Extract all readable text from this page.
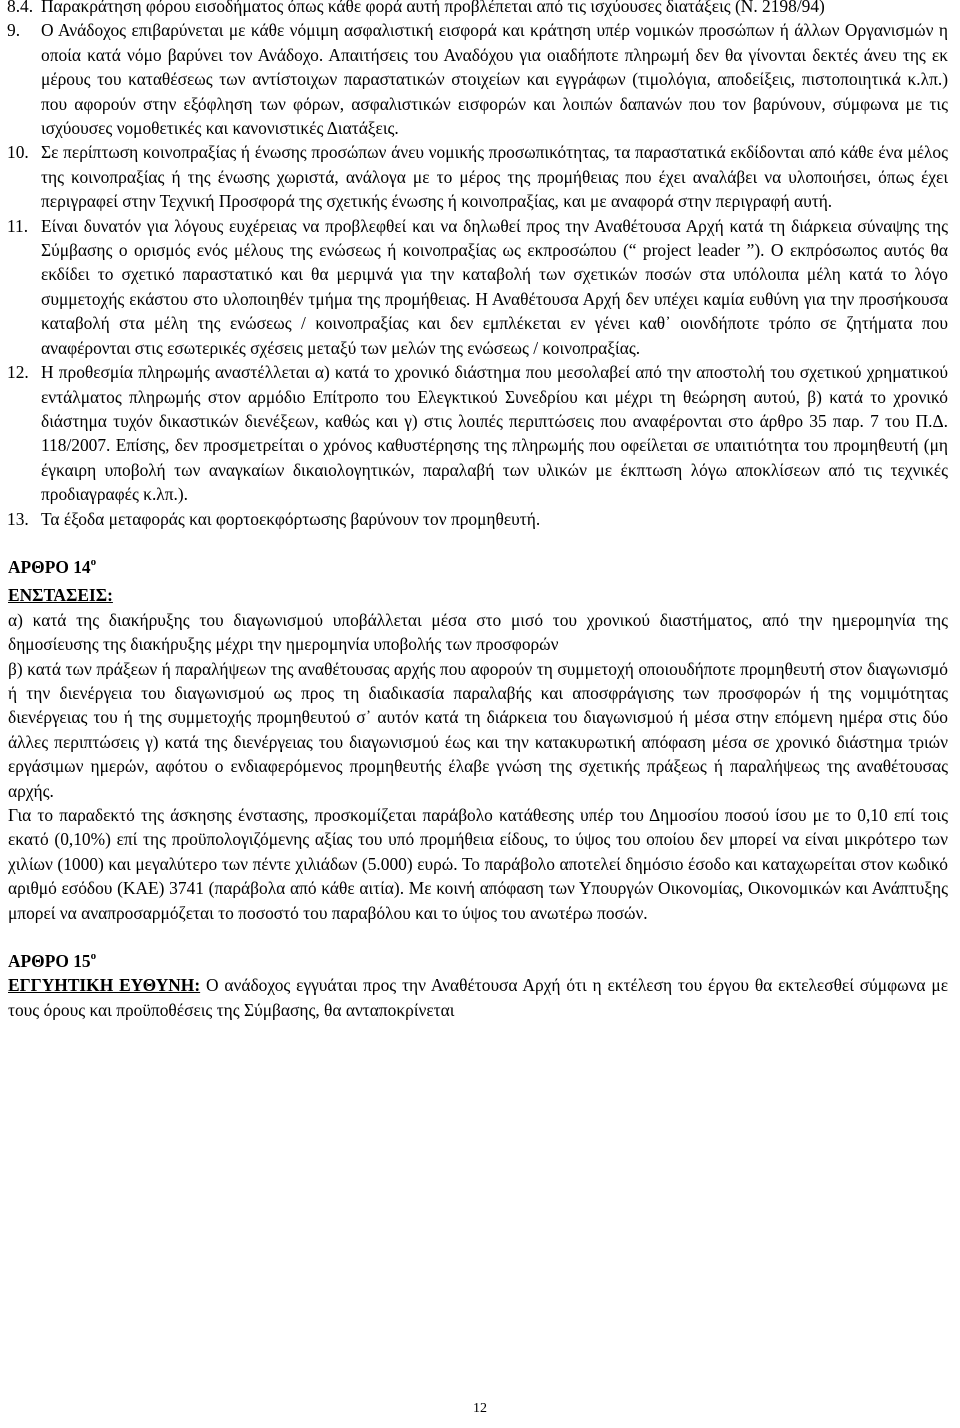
8.4. Παρακράτηση φόρου εισοδήματος όπως κάθε φορά αυτή προβλέπεται από τις ισχύουσες διατάξεις (Ν. 2198/94)
9. Ο Ανάδοχος επιβαρύνεται με κάθε νόμιμη ασφαλιστική εισφορά και κράτηση υπέρ νομικών προσώπων ή άλλων Οργανισμών η οποία κατά νόμο βαρύνει τον Ανάδοχο. Απαιτήσεις του Αναδόχου για οιαδήποτε πληρωμή δεν θα γίνονται δεκτές άνευ της εκ μέρους του καταθέσεως των αντίστοιχων παραστατικών στοιχείων και εγγράφων (τιμολόγια, αποδείξεις, πιστοποιητικά κ.λπ.) που αφορούν στην εξόφληση των φόρων, ασφαλιστικών εισφορών και λοιπών δαπανών που τον βαρύνουν, σύμφωνα με τις ισχύουσες νομοθετικές και κανονιστικές Διατάξεις.
10. Σε περίπτωση κοινοπραξίας ή ένωσης προσώπων άνευ νομικής προσωπικότητας, τα παραστατικά εκδίδονται από κάθε ένα μέλος της κοινοπραξίας ή της ένωσης χωριστά, ανάλογα με το μέρος της προμήθειας που έχει αναλάβει να υλοποιήσει, όπως έχει περιγραφεί στην Τεχνική Προσφορά της σχετικής ένωσης ή κοινοπραξίας, και με αναφορά στην περιγραφή αυτή.
11. Είναι δυνατόν για λόγους ευχέρειας να προβλεφθεί και να δηλωθεί προς την Αναθέτουσα Αρχή κατά τη διάρκεια σύναψης της Σύμβασης ο ορισμός ενός μέλους της ενώσεως ή κοινοπραξίας ως εκπροσώπου (“ project leader ”). Ο εκπρόσωπος αυτός θα εκδίδει το σχετικό παραστατικό και θα μεριμνά για την καταβολή των σχετικών ποσών στα υπόλοιπα μέλη κατά το λόγο συμμετοχής εκάστου στο υλοποιηθέν τμήμα της προμήθειας. Η Αναθέτουσα Αρχή δεν υπέχει καμία ευθύνη για την προσήκουσα καταβολή στα μέλη της ενώσεως / κοινοπραξίας και δεν εμπλέκεται εν γένει καθ᾽ οιονδήποτε τρόπο σε ζητήματα που αναφέρονται στις εσωτερικές σχέσεις μεταξύ των μελών της ενώσεως / κοινοπραξίας.
12. Η προθεσμία πληρωμής αναστέλλεται α) κατά το χρονικό διάστημα που μεσολαβεί από την αποστολή του σχετικού χρηματικού εντάλματος πληρωμής στον αρμόδιο Επίτροπο του Ελεγκτικού Συνεδρίου και μέχρι τη θεώρηση αυτού, β) κατά το χρονικό διάστημα τυχόν δικαστικών διενέξεων, καθώς και γ) στις λοιπές περιπτώσεις που αναφέρονται στο άρθρο 35 παρ. 7 του Π.Δ. 118/2007. Επίσης, δεν προσμετρείται ο χρόνος καθυστέρησης της πληρωμής που οφείλεται σε υπαιτιότητα του προμηθευτή (μη έγκαιρη υποβολή των αναγκαίων δικαιολογητικών, παραλαβή των υλικών με έκπτωση λόγω αποκλίσεων από τις τεχνικές προδιαγραφές κ.λπ.).
13. Τα έξοδα μεταφοράς και φορτοεκφόρτωσης βαρύνουν τον προμηθευτή.
ΑΡΘΡΟ $14^o$
ΕΝΣΤΑΣΕΙΣ:
α) κατά της διακήρυξης του διαγωνισμού υποβάλλεται μέσα στο μισό του χρονικού διαστήματος, από την ημερομηνία της δημοσίευσης της διακήρυξης μέχρι την ημερομηνία υποβολής των προσφορών
β) κατά των πράξεων ή παραλήψεων της αναθέτουσας αρχής που αφορούν τη συμμετοχή οποιουδήποτε προμηθευτή στον διαγωνισμό ή την διενέργεια του διαγωνισμού ως προς τη διαδικασία παραλαβής και αποσφράγισης των προσφορών ή της νομιμότητας διενέργειας του ή της συμμετοχής προμηθευτού σ᾽ αυτόν κατά τη διάρκεια του διαγωνισμού ή μέσα στην επόμενη ημέρα στις δύο άλλες περιπτώσεις γ) κατά της διενέργειας του διαγωνισμού έως και την κατακυρωτική απόφαση μέσα σε χρονικό διάστημα τριών εργάσιμων ημερών, αφότου ο ενδιαφερόμενος προμηθευτής έλαβε γνώση της σχετικής πράξεως ή παραλήψεως της αναθέτουσας αρχής.
Για το παραδεκτό της άσκησης ένστασης, προσκομίζεται παράβολο κατάθεσης υπέρ του Δημοσίου ποσού ίσου με το 0,10 επί τοις εκατό (0,10%) επί της προϋπολογιζόμενης αξίας του υπό προμήθεια είδους, το ύψος του οποίου δεν μπορεί να είναι μικρότερο των χιλίων (1000) και μεγαλύτερο των πέντε χιλιάδων (5.000) ευρώ. Το παράβολο αποτελεί δημόσιο έσοδο και καταχωρείται στον κωδικό αριθμό εσόδου (ΚΑΕ) 3741 (παράβολα από κάθε αιτία). Με κοινή απόφαση των Υπουργών Οικονομίας, Οικονομικών και Ανάπτυξης μπορεί να αναπροσαρμόζεται το ποσοστό του παραβόλου και το ύψος του ανωτέρω ποσών.
ΑΡΘΡΟ $15^o$
ΕΓΓΥΗΤΙΚΗ ΕΥΘΥΝΗ: Ο ανάδοχος εγγυάται προς την Αναθέτουσα Αρχή ότι η εκτέλεση του έργου θα εκτελεσθεί σύμφωνα με τους όρους και προϋποθέσεις της Σύμβασης, θα ανταποκρίνεται
12
